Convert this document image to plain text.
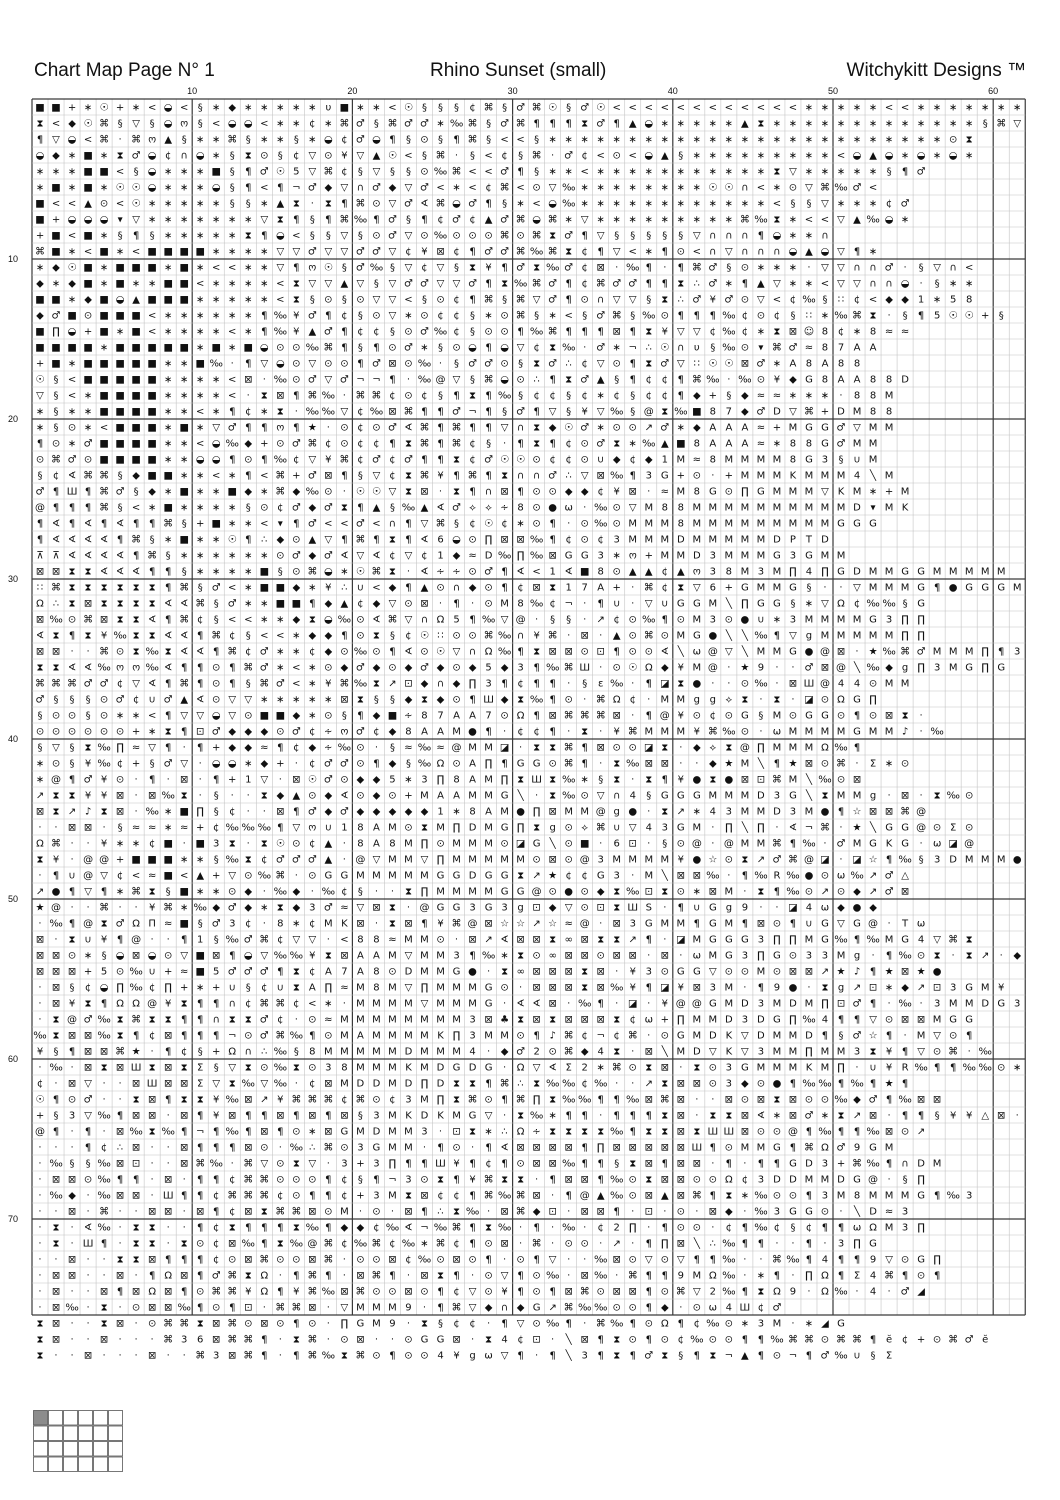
Chart Map Page N° 1	Rhino Sunset (small)	Witchykitt Designs ™
10	20	30	40	50	60
10
20
30
40
50
60
70
■ ■ + ∗ ☉ + ∗ < ◒ < § ∗ ◆ ∗ ∗ ∗ ∗ ∗ υ ■ ∗ ∗ < ☉ § § § ¢ ⌘ § ♂ ⌘ ☉ § ♂ ☉ < < < < < < < < < < < < ∗ ∗ ∗ ∗ ∗ < < ∗ ∗ ∗ ∗ ∗ ∗ ∗
⧗ < ◆ ☉ ⌘ § ▽ § ◒ ო § < ◒ ◒ < ∗ ∗ ¢ ∗ ⌘ ♂ § ⌘ ♂ ♂ ∗ ‰ ⌘ § ♂ ⌘ ¶ ¶ ¶ ⧗ ♂ ¶ ▲ ◒ ∗ ∗ ∗ ∗ ∗ ▲ ⧗ ∗ ∗ ∗ ∗ ∗ ∗ ∗ ∗ ∗ ∗ ∗ ∗ ∗ § ⌘ ▽
¶ ▽ ◒ < ⌘ · ⌘ ო ▲ § ∗ ∗ ⌘ § ∗ ∗ § ∗ ◒ ¢ ♂ ◒ ¶ § ⊙ § ¶ ⌘ § < < § ∗ ∗ ∗ ∗ ∗ ∗ ∗ ∗ ∗ ∗ ∗ ∗ ∗ ∗ ∗ ∗ ∗ ∗ ∗ ∗ ∗ ∗ ∗ ∗ ∗ ⊙ ⧗
◒ ◆ ∗ ■ ∗ ⧗ ♂ ◒ ¢ ∩ ◒ ∗ § ⧗ ⊙ § ¢ ▽ ⊙ ¥ ▽ ▲ ☉ < § ⌘ · § < ¢ § ⌘ · ♂ ¢ < ⊙ < ◒ ▲ § ∗ ∗ ∗ ∗ ∗ ∗ ∗ ∗ ∗ < ◒ ▲ ◒ ∗ ◒ ∗ ◒ ∗
∗ ∗ ∗ ■ ■ < § ◒ ∗ ∗ ∗ ■ § ¶ ♂ ☉ 5 ▽ ⌘ ¢ § ▽ § § ⊙ ‰ ⌘ < < ♂ ¶ § ∗ ∗ < ∗ ∗ ∗ ∗ ∗ ∗ ∗ ∗ ∗ ∗ ∗ ⧗ ▽ ∗ ∗ ∗ ∗ ∗ § ¶ ♂
∗ ■ ∗ ■ ∗ ☉ ☉ ◒ ∗ ∗ ∗ ◒ § ¶ < ¶ ¬ ♂ ◆ ▽ ∩ ♂ ◆ ▽ ♂ < ∗ < ¢ ⌘ < ⊙ ▽ ‰ ∗ ∗ ∗ ∗ ∗ ∗ ∗ ∗ ☉ ☉ ∩ < ∗ ⊙ ▽ ⌘ ‰ ♂ <
■ < < ▲ ⊙ < ☉ ∗ ∗ ∗ ∗ ∗ § § ∗ ▲ ⧗ · ⧗ ¶ ⌘ ⊙ ▽ ♂ ∢ ⌘ ◒ ♂ ¶ § ∗ < ◒ ‰ ∗ ∗ ∗ ∗ ∗ ∗ ∗ ∗ ∗ ∗ ∗ ∗ < § § ▽ ∗ ∗ ∗ ¢ ♂
■ + ◒ ◒ ◒ ▾ ▽ ∗ ∗ ∗ ∗ ∗ ∗ ∗ ▽ ⧗ ¶ § ¶ ⌘ ‰ ¶ ♂ § ¶ ¢ ♂ ¢ ▲ ♂ ⌘ ◒ ⌘ ∗ ▽ ∗ ∗ ∗ ∗ ∗ ∗ ∗ ∗ ∗ ⌘ ‰ ⧗ ∗ < < ▽ ▲ ‰ ◒ ∗
+ ■ < ■ ∗ § ¶ § ∗ ∗ ∗ ∗ ∗ ⧗ ¶ ◒ < § § ▽ § ⊙ ♂ ▽ ⊙ ‰ ⊙ ⊙ ⊙ ⌘ ⊙ ⌘ ⧗ ♂ ¶ ▽ § § § § § ▽ ∩ ∩ ∩ ¶ ◒ ∗ ∗ ∩
⌘ ■ ∗ < ■ ∗ < ■ ■ ■ ■ ∗ ∗ ∗ ∗ ▽ ▽ ♂ ▽ ▽ ♂ ♂ ▽ ¢ ¥ ⊠ ¢ ¶ ♂ ♂ ⌘ ‰ ⌘ ⧗ ¢ ¶ ▽ < ∗ ¶ ⊙ < ∩ ▽ ∩ ∩ ∩ ◒ ▲ ◒ ▽ ¶ ∗
∗ ◆ ☉ ■ ∗ ■ ■ ■ ∗ ■ ∗ < < ∗ ∗ ▽ ¶ ო ☉ § ♂ ‰ § ▽ ¢ ▽ § ⧗ ¥ ¶ ♂ ⧗ ‰ ♂ ¢ ⊠ · ‰ ¶ · ¶ ⌘ ♂ § ⊙ ∗ ∗ ∗ · ▽ ▽ ∩ ∩ ♂ · § ▽ ∩ <
◆ ∗ ◆ ■ ∗ ■ ∗ ∗ ■ ■ < ∗ ∗ ∗ ∗ < ⧗ ▽ ▽ ▲ ▽ § ▽ ♂ ♂ ▽ ▽ ♂ ¶ ⧗ ‰ ⌘ ♂ ¶ ¢ ⌘ ♂ ♂ ¶ ¶ ⧗ ∴ ♂ ∗ ¶ ▲ ▽ ∗ ∗ < ▽ ▽ ∩ ∩ ◒ · § ∗ ∗
■ ■ ∗ ◆ ■ ◒ ▲ ■ ■ ■ ∗ ∗ ∗ ∗ ∗ < ⧗ § ⊙ § ⊙ ▽ ▽ < § ⊙ ¢ ¶ ⌘ § ⌘ ▽ ♂ ¶ ⊙ ∩ ▽ ▽ § ⧗ ∴ ♂ ¥ ♂ ⊙ ▽ < ¢ ‰ § ∷ ¢ < ◆ ◆ 1 ∗ 5 8
◆ ♂ ■ ⊙ ■ ■ ■ < ∗ ∗ ∗ ∗ ∗ ∗ ¶ ‰ ¥ ♂ ¶ ¢ § ⊙ ▽ ∗ ⊙ ¢ ¢ § ∗ ⊙ ⌘ § ∗ < § ♂ ⌘ § ‰ ⊙ ¶ ¶ ¶ ‰ ¢ ⊙ ¢ § ∷ ∗ ‰ ⌘ ⧗ · § ¶ 5 ☉ ☉ + §
■ ∏ ◒ + ■ ∗ ■ < ∗ ∗ ∗ ∗ < ∗ ¶ ‰ ¥ ▲ ♂ ¶ ¢ ¢ § ⊙ ♂ ‰ ¢ § ⊙ ⊙ ¶ ‰ ⌘ ¶ ¶ ¶ ⊠ ¶ ⧗ ¥ ▽ ▽ ¢ ‰ ¢ ∗ ⧗ ⊠ ☺ 8 ¢ ∗ 8 ≈ ≈
■ ■ ■ ■ ∗ ■ ■ ■ ■ ■ ∗ ■ ∗ ■ ◒ ⊙ ⊙ ‰ ⌘ ¶ § ¶ ⊙ ♂ ∗ § ⊙ ◒ ¶ ◒ ▽ ¢ ⧗ ‰ · ♂ ∗ ¬ ∴ ☉ ∩ υ § ‰ ⊙ ▾ ⌘ ♂ ≈ 8 7 A A
+ ■ ∗ ■ ■ ■ ■ ■ ∗ ∗ ■ ‰ · ¶ ▽ ◒ ⊙ ▽ ⊙ ⊙ ¶ ♂ ⊠ ⊙ ‰ · § ♂ ♂ ⊙ § ⧗ ♂ ∴ ¢ ▽ ⊙ ¶ ⧗ ♂ ▽ ∷ ☉ ☉ ⊠ ♂ ∗ A 8 A 8 8
☉ § < ■ ■ ■ ■ ■ ∗ ∗ ∗ ∗ < ⊠ · ‰ ⊙ ♂ ▽ ♂ ¬ ¬ ¶ · ‰ @ ▽ § ⌘ ◒ ⊙ ∴ ¶ ⧗ ♂ ▲ § ¶ ¢ ¢ ¶ ⌘ ‰ · ‰ ⊙ ¥ ◆ G 8 A A 8 8 D
▽ § < ∗ ■ ■ ■ ■ ∗ ∗ ∗ ∗ < · ⧗ ⊠ ¶ ⌘ ‰ · ⌘ ⌘ ¢ ⊙ ¢ § ¶ ⧗ ¶ ‰ § ¢ ¢ § ¢ ∗ ¢ § ¢ ¢ ¶ ◆ + § ◆ ≈ ≈ ∗ ∗ ∗ · 8 8 M
∗ § ∗ ∗ ■ ■ ■ ■ ∗ ∗ < ∗ ¶ ¢ ∗ ⧗ · ‰ ‰ ▽ ¢ ‰ ⊠ ⌘ ¶ ¶ ♂ ¬ ¶ § ♂ ¶ ▽ § ¥ ▽ ‰ § @ ⧗ ‰ ■ 8 7 ◆ ♂ D ▽ ⌘ + D M 8 8
∗ § ⊙ ∗ < ■ ■ ■ ∗ ■ ∗ ▽ ♂ ¶ ¶ ო ¶ ★ · ⊙ ¢ ⊙ ♂ ∢ ⌘ ¶ ⌘ ¶ ¶ ▽ ∩ ⧗ ◆ ☉ ♂ ∗ ⊙ ⊙ ↗ ♂ ∗ ◆ A A A ≈ + M G G ♂ ▽ M M
¶ ⊙ ∗ ♂ ■ ■ ■ ■ ∗ ∗ < ◒ ‰ ◆ + ⊙ ♂ ⌘ ¢ ⊙ ¢ ¢ ¶ ⧗ ⌘ ¶ ⌘ ¢ § · ¶ ⧗ ¶ ¢ ⊙ ♂ ⧗ ∗ ‰ ▲ ■ 8 A A A ≈ ∗ 8 8 G ♂ M M
⊙ ⌘ ♂ ⊙ ■ ■ ■ ■ ∗ ∗ ◒ ◒ ¶ ⊙ ¶ ‰ ¢ ▽ ¥ ⌘ ¢ ♂ ¢ ♂ ¶ ¶ ⧗ ¢ ♂ ☉ ☉ ⊙ ¢ ¢ ⊙ ∪ ◆ ¢ ◆ 1 M ≈ 8 M M M M 8 G 3 § ∪ M
§ ¢ ∢ ⌘ ⌘ § ◆ ■ ■ ∗ ∗ < ∗ ¶ < ⌘ + ♂ ⊠ ¶ § ▽ ¢ ⧗ ⌘ ¥ ¶ ⌘ ¶ ⧗ ∩ ∩ ♂ ∴ ▽ ⊠ ‰ ¶ 3 G + ⊙ · + M M M K M M M 4 ╲ M
♂ ¶ Ш ¶ ⌘ ♂ § ◆ ∗ ■ ∗ ∗ ■ ◆ ∗ ⌘ ◆ ‰ ⊙ · ☉ ☉ ▽ ⧗ ⊠ · ⧗ ¶ ∩ ⊠ ¶ ⊙ ⊙ ◆ ◆ ¢ ¥ ⊠ · ≈ M 8 G ⊙ ∏ G M M M ▽ K M ∗ + M
@ ¶ ¶ ¶ ⌘ § < ∗ ■ ∗ ∗ ∗ ∗ § ⊙ ¢ ♂ ◆ ♂ ⧗ ¶ ▲ § ‰ ▲ ∢ ♂ ⟡ ⟡ ∻ 8 ⊙ ● ω · ‰ ⊙ ▽ M 8 8 M M M M M M M M M M D ▾ M K
¶ ∢ ¶ ∢ ¶ ∢ ¶ ¶ ⌘ § + ■ ∗ ∗ < ▾ ¶ ♂ < < ♂ < ∩ ¶ ▽ ⌘ § ¢ ☉ ¢ ∗ ⊙ ¶ · ⊙ ‰ ⊙ M M M 8 M M M M M M M M M G G G
¶ ∢ ∢ ∢ ∢ ¶ ⌘ § ∗ ■ ∗ ∗ ☉ ¶ ∴ ◆ ⊙ ▲ ▽ ¶ ⌘ ¶ ⧗ ¶ ∢ 6 ◒ ⊙ ∏ ⊠ ⊠ ‰ ¶ ¢ ⊙ ¢ 3 M M M D M M M M M D P T D
⊼ ⊼ ∢ ∢ ∢ ∢ ¶ ⌘ § ∗ ∗ ∗ ∗ ∗ ∗ ⊙ ♂ ◆ ♂ ∢ ▽ ∢ ¢ ▽ ¢ 1 ◆ ≈ D ‰ ∏ ‰ ⊠ G G 3 ∗ ო + M M D 3 M M M G 3 G M M
⊠ ⊠ ⧗ ⧗ ∢ ∢ ∢ ¶ ¶ § ∗ ∗ ∗ ∗ ■ § ⊙ ⌘ ◒ ∗ ☉ ⌘ ⧗ · ∢ ∻ ∻ ⊙ ♂ ¶ ∢ < 1 ∢ ■ 8 ⊙ ▲ ▲ ¢ ▲ ო 3 8 M 3 M ∏ 4 ∏ G D M M G G M M M M M
∷ ⌘ ⧗ ⧗ ⧗ ⧗ ⧗ ⧗ ¶ ⌘ § ♂ < ∗ ■ ■ ◆ ∗ ¥ ∴ ∪ < ◆ ¶ ▲ ⊙ ∩ ◆ ⊙ ¶ ¢ ⊠ ⧗ 1 7 A + · ⌘ ¢ ⧗ ▽ 6 + G M M G § · · ▽ M M M G ¶ ● G G G M
Ω ∴ ⧗ ⊠ ⧗ ⧗ ⧗ ⧗ ∢ ∢ ⌘ § ♂ ∗ ∗ ■ ■ ¶ ◆ ▲ ¢ ◆ ▽ ⊙ ⊠ · ¶ · ⊙ M 8 ‰ ¢ ¬ · ¶ ∪ · ▽ ∪ G G M ╲ ∏ G G § ∗ ▽ Ω ¢ ‰ ‰ § G
⊠ ‰ ⊙ ⌘ ⊠ ⧗ ⧗ ∢ ¶ ⌘ ¢ § < < ∗ ∗ ◆ ⧗ ◒ ‰ ⊙ ∢ ⌘ ▽ ∩ Ω 5 ¶ ‰ ▽ @ · § § · ↗ ¢ ⊙ ‰ ¶ ⊙ M 3 ⊙ ● ∪ ∗ 3 M M M M G 3 ∏ ∏
∢ ⧗ ¶ ⧗ ¥ ‰ ⧗ ⧗ ∢ ∢ ¶ ⌘ ¢ § < < ∗ ◆ ◆ ¶ ⊙ ⧗ § ¢ ☉ ∷ ⊙ ⊙ ⌘ ‰ ∩ ¥ ⌘ · ⊠ · ▲ ⊙ ⌘ ⊙ M G ● ╲ ╲ ‰ ¶ ▽ g M M M M M ∏ ∏
⊠ ⊠ · · ⌘ ⊙ ⧗ ‰ ⧗ ∢ ∢ ¶ ⌘ ¢ ♂ ∗ ∗ ¢ ◆ ⊙ ‰ ⊙ ¶ ∢ ⊙ ☉ ▽ ∩ Ω ‰ ¶ ⧗ ⊠ ⊠ ⊙ ⊡ ¶ ⊙ ⊙ ∢ ╲ ω @ ▽ ╲ M M G ● @ ⊠ · ★ ‰ ⌘ ♂ M M M ∏ ¶ 3
⧗ ⧗ ∢ ∢ ‰ ო ო ‰ ∢ ¶ ¶ ⊙ ¶ ⌘ ♂ ∗ < ∗ ⊙ ◆ ♂ ◆ ⊙ ◆ ♂ ◆ ⊙ ◆ 5 ◆ 3 ¶ ‰ ⌘ Ш · ⊙ ☉ Ω ◆ ¥ M @ · ★ 9 · · ♂ ⊠ @ ╲ ‰ ◆ g ∏ 3 M G ∏ G
⌘ ⌘ ⌘ ♂ ♂ ¢ ▽ ∢ ¶ ⌘ ¶ ⊙ ¶ § ⌘ ♂ < ∗ ¥ ⌘ ‰ ⧗ ↗ ⊡ ◆ ∩ ◆ ∏ 3 ¶ ¢ ¶ ¶ · § ε ‰ · ¶ ◪ ⧗ ● · · ⊙ ‰ · ⊠ Ш @ 4 4 ⊙ M M
♂ § § § ⊙ ♂ ¢ ∪ ♂ ▲ ∢ ⊙ ▽ ▽ ∗ ∗ ∗ ∗ ∗ ⊠ ⧗ § § ◆ ⧗ ◆ ⊙ ¶ Ш ◆ ⧗ ‰ ¶ ⊙ · ⌘ Ω ¢ · M M g g ⟡ ⧗ · ⧗ · ◪ ⊙ Ω G ∏
§ ⊙ ⊙ § ⊙ ∗ ∗ < ¶ ▽ ▽ ◒ ▽ ⊙ ■ ■ ◆ ∗ ⊙ § ¶ ◆ ■ ∻ 8 7 A A 7 ⊙ Ω ¶ ⊠ ⌘ ⌘ ⌘ ⊠ · ¶ @ ¥ ⊙ ¢ ⊙ G § M ⊙ G G ⊙ ¶ ⊙ ⊠ ⧗ ·
⊙ ⊙ ⊙ ⊙ ⊙ ⊙ + ∗ ⧗ ¶ ⊡ ♂ ◆ ◆ ◆ ⊙ ♂ ¢ ∻ ო ♂ ¢ ◆ 8 A A M ● ¶ · ¢ ¢ ¶ · ⧗ · ¥ ⌘ M M M ¥ ⌘ ‰ ⊙ · ω M M M M G M M ♪ · ‰
§ ▽ § ⧗ ‰ ∏ ≈ ▽ ¶ · ¶ + ◆ ◆ ≈ ¶ ¢ ◆ ∻ ‰ ⊙ · § ≈ ‰ ≈ @ M M ◪ · ⧗ ⧗ ⌘ ¶ ⊠ ⊙ ⊙ ◪ ⧗ · ◆ ⟡ ⧗ @ ∏ M M M Ω ‰ ¶
∗ ⊙ § ¥ ‰ ¢ + § ♂ ▽ · ◒ ◒ ∗ ◆ + · ¢ ♂ ♂ ⊙ ¶ ◆ § ‰ Ω ⊙ A ∏ ¶ G G ⊙ ⌘ ¶ · ⧗ ‰ ⊠ ⊠ · · ◆ ★ M ╲ ¶ ★ ⊠ ⊙ ⌘ · Σ ∗ ⊙
∗ @ ¶ ♂ ¥ ⊙ · ¶ · ⊠ · ¶ + 1 ▽ · ⊠ ☉ ♂ ⊙ ◆ ◆ 5 ∗ 3 ∏ 8 A M ∏ ⧗ Ш ⧗ ‰ ∗ § ⧗ · ⧗ ¶ ¥ ● ⧗ ● ⊠ ⊡ ⌘ M ╲ ‰ ⊙ ⊠
↗ ⧗ ⧗ ¥ ¥ ⊠ · ⊠ ‰ ⧗ · § · · ⧗ ◆ ▲ ⊙ ◆ ∢ ⊙ ◆ ⊙ + M A A M M G ╲ · ⧗ ‰ ⊙ ▽ ∩ 4 § G G G M M M D 3 G ╲ ⧗ M M g · ⊠ · ⧗ ‰ ⊙
⊠ ⧗ ↗ ♪ ⧗ ⊠ · ‰ ∗ ■ ∏ § ¢ · · ⊠ ¶ ♂ ◆ ♂ ◆ ◆ ◆ ◆ ◆ 1 ∗ 8 A M ● ∏ ⊠ M M @ g ● · ⧗ ↗ ∗ 4 3 M M D 3 M ● ¶ ☆ ⊠ ⊠ ⌘ @
· · ⊠ ⊠ · § ≈ ≈ ∗ ≈ + ¢ ‰ ‰ ‰ ¶ ▽ ო ∪ 1 8 A M ⊙ ⧗ M ∏ D M G ∏ ⧗ g ⊙ ⟡ ⌘ ∪ ▽ 4 3 G M · ∏ ╲ ∏ · ∢ ¬ ⌘ · ★ ╲ G G @ ⊙ Σ ⊙
Ω ⌘ · · ¥ ∗ ∗ ¢ ■ · ■ 3 ⧗ · ⧗ ☉ ⊙ ¢ ▲ · 8 A 8 M ∏ ⊙ M M M ⊙ ◪ G ╲ ⊙ ■ · 6 ⊡ · § ⊙ @ · @ M M ⌘ ¶ ‰ · ♂ M G K G · ω ◪ @
⧗ ¥ · @ @ + ■ ■ ■ ∗ ∗ § ‰ ⧗ ¢ ♂ ♂ ♂ ▲ · @ ▽ M M ▽ ∏ M M M M M ⊙ ⊠ ⊙ @ 3 M M M M ¥ ● ☆ ⊙ ⧗ ↗ ♂ ⌘ @ ◪ · ◪ ☆ ¶ ‰ § 3 D M M M ●
· ¶ ∪ @ ▽ ¢ < ≈ ■ < ▲ + ▽ ⊙ ‰ ⌘ · ⊙ G G M M M M M G G D G G ⧗ ↗ ★ ¢ ¢ G 3 · M ╲ ⊠ ⊠ ‰ · ¶ ‰ R ‰ ● ⊙ ω ‰ ↗ ♂ △
↗ ● ¶ ▽ ¶ ∗ ⌘ ⧗ § ■ ∗ ∗ ⊙ ◆ · ‰ ◆ · ‰ ¢ § · · ⧗ ∏ M M M M G G @ ⊙ ● ⊙ ◆ ⧗ ‰ ⊡ ⧗ ⊙ ∗ ⊠ M · ⧗ ¶ ‰ ⊙ ↗ ⊙ ◆ ↗ ♂ ⊠
★ @ · · ⌘ · · ¥ ⌘ ∗ ‰ ◆ ♂ ◆ ∗ ⧗ ◆ 3 ♂ ≈ ▽ ⊠ ⧗ · @ G G 3 G 3 g ⊡ ◆ ▽ ⊙ ⊡ ⧗ Ш S · ¶ ∪ G g 9 · · ◪ 4 ω ◆ ● ◆
· ‰ ¶ @ ⧗ ♂ Ω Π ≈ ■ § ♂ 3 ¢ · 8 ∗ ¢ M K ⊠ · ⧗ ⊠ ¶ ¥ ⌘ @ ⊠ ☆ ☆ ↗ ☆ ≈ @ · ⊠ 3 G M M ¶ G M ¶ ⊠ ⊙ ¶ ∪ G ▽ G @ · T ω
⊠ · ⧗ ∪ ¥ ¶ @ · · ¶ 1 § ‰ ♂ ⌘ ¢ ▽ ▽ · < 8 8 ≈ M M ⊙ · ⊠ ↗ ∢ ⊠ ⊠ ⧗ ∞ ⊠ ⧗ ⧗ ↗ ¶ · ◪ M G G G 3 ∏ ∏ M G ‰ ¶ ‰ M G 4 ▽ ⌘ ⧗
⊠ ⊠ ⊙ ∗ § ◒ ⊠ ◒ ⊙ ▽ ■ ⊠ ¶ ◒ ▽ ‰ ‰ ¥ ⧗ ⊠ A A M ▽ M M 3 ¶ ‰ ∗ ⧗ ⊙ ∞ ⊠ ⊠ ⊙ ⊠ ⊠ · ⊠ · ω M G 3 ∏ G ⊙ 3 3 M g · ¶ ‰ ⊙ ⧗ · ⧗ ↗ · ◆
⊠ ⊠ ⊠ + 5 ⊙ ‰ ∪ + ≈ ■ 5 ♂ ♂ ♂ ¶ ⧗ ¢ A 7 A 8 ⊙ D M M G ● · ⧗ ∞ ⊠ ⊠ ⊠ ⧗ ⊠ · ¥ 3 ⊙ G G ▽ ⊙ ⊙ M ⊙ ⊠ ⊠ ↗ ★ ♪ ¶ ★ ⊠ ★ ●
· ⊠ § ¢ ◒ ∏ ‰ ¢ ∏ + ∗ + ∪ § ¢ ∪ ⧗ A ∏ ≈ M 8 M ▽ ∏ M M M G ⊙ · ⊠ ⊠ ⊠ ⧗ ⊠ ‰ ¥ ¶ ◪ ¥ ⊠ 3 M · ¶ 9 ● · ⧗ g ↗ ⊡ ∗ ◆ ↗ ⊡ 3 G M ¥
· ⊠ ¥ ⧗ ¶ Ω Ω @ ¥ ⧗ ¶ ¶ ∩ ¢ ⌘ ⌘ ¢ < ∗ · M M M M ▽ M M M G · ∢ ∢ ⊠ · ‰ ¶ · ◪ · ¥ @ @ G M D 3 M D M ∏ ⊡ ♂ ¶ · ‰ · 3 M M D G 3
· ⧗ @ ♂ ‰ ⧗ ⌘ ⧗ ⧗ ¶ ¶ ∩ ⧗ ⧗ ♂ ¢ · ⊙ ≈ M M M M M M M M 3 ⊠ ♣ ⧗ ⊠ ⧗ ⊠ ⊠ ⊠ ⧗ ¢ ω + ∏ M M D 3 D G ∏ ‰ 4 ¶ ¶ ▽ ⊙ ⊠ ⊠ M G G
‰ ⧗ ⊠ ⊠ ‰ ⧗ ¶ ¢ ⊠ ¶ ¶ ¶ ¬ ⊙ ♂ ⌘ ‰ ¶ ⊙ M A M M M M K ∏ 3 M M ⊙ ¶ ♪ ⌘ ¢ ¬ ¢ ⌘ · ⊙ G M D K ▽ D M M D ¶ § ♂ ☆ ¶ · M ▽ ⊙ ¶
¥ § ¶ ⊠ ⊠ ⌘ ★ · ¶ ¢ § + Ω ∩ ∴ ‰ § 8 M M M M M D M M M 4 · ◆ ♂ 2 ⊙ ⌘ ◆ 4 ⧗ · ⊠ ╲ M D ▽ K ▽ 3 M M ∏ M M 3 ⧗ ¥ ¶ ▽ ⊙ ⌘ · ‰
· ‰ · ⊠ ⧗ ⊠ Ш ⧗ ⊠ ⧗ Σ § ▽ ⧗ ⊙ ‰ ⧗ ⊙ 3 8 M M M K M D G D G · Ω ▽ ∢ Σ 2 ∗ ⌘ ⊙ ⧗ ⊠ · ⧗ ⊙ 3 G M M M K M ∏ · ∪ ¥ R ‰ ¶ ¶ ‰ ‰ ⊙ ∗
¢ · ⊠ ▽ · · ⊠ Ш ⊠ ⊠ Σ ▽ ⧗ ‰ ▽ ‰ · ¢ ⊠ M D D M D ∏ D ⧗ ⧗ ¶ ⌘ ∴ ⧗ ‰ ‰ ¢ ‰ · · ↗ ⧗ ⊠ ⊠ ⊙ 3 ◆ ⊙ ● ¶ ‰ ‰ ¶ ‰ ¶ ★ ¶
☉ ¶ ⊙ ♂ · · ⧗ ⊠ ¶ ⧗ ⧗ ¥ ‰ ⊠ ↗ ¥ ⌘ ⌘ ⌘ ¢ ⌘ ⊙ ¢ 3 M ∏ ⧗ ⌘ ⊙ ¶ ⌘ ∏ ⧗ ‰ ‰ ¶ ¶ ‰ ⊠ ⌘ ⊠ · · ⊠ ⊙ ⊠ ⧗ ⊠ ⊙ ⊙ ‰ ◆ ♂ ¶ ‰ ⊠ ⊠
+ § 3 ▽ ‰ ¶ ⊠ ⊠ · ⊠ ¶ ¥ ⊠ ¶ ¶ ⊠ ¶ ⊠ ¶ ⊠ § 3 M K D K M G ▽ · ⧗ ‰ ∗ ¶ ¶ · ¶ ¶ ¶ ⧗ ⊠ · ⧗ ⧗ ⊠ ∢ ∗ ⊠ ♂ ∗ ⧗ ↗ ⊠ · ¶ ¶ § ¥ ¥ △ ⊠ ·
@ ¶ · ¶ · ⊠ ‰ ⧗ ‰ ¶ ¬ ¶ ‰ ¶ ⊠ ¶ ⊙ ∗ ⊠ G M D M M 3 · ⊡ ⧗ ∗ ∴ Ω ∻ ⧗ ⧗ ⧗ ⧗ ‰ ¶ ⧗ ⧗ ⊠ ⧗ Ш Ш ⊠ ⊙ ⊙ @ ¶ ‰ ¶ ¶ ‰ ⊠ ⊙ ↗
· · · ¶ ¢ ∴ ⊠ · · ⊠ ¶ ¶ ¶ ⊠ ⊙ · ‰ ∴ ⌘ ⊙ 3 G M M · ¶ ⊙ · ¶ ∢ ⊠ ⊠ ⊠ ⊠ ¶ ∏ ⊠ ⊠ ⊠ ⊠ ⊠ Ш ¶ ⊙ M M G ¶ ⌘ Ω ♂ 9 G M
· ‰ § § ‰ ⊠ ⊡ · · ⊠ ⌘ ‰ · ⌘ ▽ ⊙ ⧗ ▽ · 3 + 3 ∏ ¶ ¶ Ш ¥ ¶ ¢ ¶ ⊙ ⊠ ⊠ ‰ ¶ ¶ § ⧗ ⊠ ¶ ⊠ ⊠ · ¶ · ¶ ¶ G D 3 + ⌘ ‰ ¶ ∩ D M
· ⊠ ⊠ ⊙ ‰ ¶ ¶ · ⊠ · ¶ ¶ ¢ ⌘ ⌘ ⊙ ⊙ ⊙ ¶ ¢ § ¶ ¬ 3 ⊙ ⧗ ¶ ¥ ⌘ ⧗ ⧗ · ¶ ⊠ ⊠ ¶ ‰ ⊙ ⧗ ⊠ ⊠ ⊙ ⊙ Ω ¢ 3 D D M M D G @ · § ∏
· ‰ ◆ · ‰ ⊠ ⊠ · Ш ¶ ¶ ¢ ⌘ ⌘ ⌘ ¢ ⊙ ¶ ¶ ¢ + 3 M ⧗ ⊠ ¢ ¢ ¶ ⌘ ‰ ⌘ ⊠ · ¶ @ ▲ ‰ ⊙ ⊠ ▲ ⊠ ⌘ ¶ ⧗ ∗ ‰ ⊙ ⊙ ¶ 3 M 8 M M M G ¶ ‰ 3
· · ⊠ · ⌘ · · ⊠ ⊠ · ⊠ ¶ ¢ ⊠ ⧗ ⌘ ⌘ ⊠ ⊙ M · ⊙ · ⊠ ¶ ∴ ⧗ ‰ · ⊠ ⌘ ◆ ⊡ · ⊠ ⊠ ¶ · ⊡ · ⊙ · ⊠ ◆ · ‰ 3 G G ⊙ · ╲ D ≈ 3
· ⧗ · ∢ ‰ · ⧗ ⧗ · · ¶ ¢ ⧗ ¶ ¶ ¶ ⧗ ‰ ¶ ◆ ◆ ¢ ‰ ∢ ¬ ‰ ⌘ ¶ ⧗ ‰ · ¶ · ‰ · ¢ 2 ∏ · ¶ ⊙ ⊙ · ¢ ¶ ‰ ¢ § ¢ ¶ ¶ ω Ω M 3 ∏
· ⧗ · Ш ¶ · ⧗ ⧗ · ⧗ ⊙ ¢ ⊠ ‰ ¶ ⧗ ‰ @ ⌘ ¢ ‰ ⌘ ¢ ‰ ∗ ⌘ ¢ ¶ ⊙ ⊠ · ⌘ · ⊙ ⊙ · ↗ · ¶ ∏ ⊠ ╲ ∴ ‰ ¶ ¶ · · ¶ · 3 ∏ G
· · ⊠ · · ⧗ ⧗ ⊠ ¶ ¶ ¶ ¢ ⊙ ⊠ ⌘ ⊙ ⊙ ⊠ ⌘ · ⊙ ⊙ ⊠ ¢ ‰ ⊙ ⊠ ⊙ ¶ · ⊙ ¶ ▽ · · ‰ ⊠ ⊙ ▽ ⊙ ▽ ¶ ¶ ‰ · · ⌘ ‰ ¶ 4 ¶ ¶ 9 ▽ ⊙ G ∏
· ⊠ ⊠ · · ⊠ · ¶ Ω ⊠ ¶ ♂ ⌘ ⧗ Ω · ¶ ⌘ ¶ · ⊠ ⌘ ¶ · ⊠ ⧗ ¶ · ⊙ ▽ ¶ ⊙ ‰ · ⊠ ‰ · ⌘ ¶ ¶ 9 M Ω ‰ · ∗ ¶ · ∏ Ω ¶ Σ 4 ⌘ ¶ ⊙ ¶
· ⊠ · · ⊠ ¶ ⊠ Ω ⊠ ¶ ⊙ ⌘ ⌘ ¥ Ω ¶ ¥ ⌘ ‰ ⊠ ⌘ ⊙ ⊙ ⊠ ⊙ ¶ ¢ ▽ ⊙ ¥ ¶ ⊙ ¶ ⊠ ⌘ ⊙ ⊠ ⊠ ¶ ⊙ ⌘ ▽ 2 ‰ ¶ ⧗ Ω 9 · Ω ‰ · 4 · ♂ ◢
· ⊠ ‰ · ⧗ · ⊙ ⊠ ⊠ ‰ ¶ ⊙ ¶ ⊡ · ⌘ ⌘ ⊠ · ▽ M M M 9 · ¶ ⌘ ▽ ◆ ∩ ◆ G ↗ ⌘ ‰ ‰ ⊙ ⊙ ¶ ◆ · ⊙ ω 4 Ш ¢ ♂
⧗ ⊠ · · ⧗ ⊠ · ⊙ ⌘ ⌘ ⧗ ⊠ ⌘ ⊙ ⊠ ⊙ ¶ ⊙ · ∏ G M 9 · ⧗ § ¢ ¢ · ¶ ▽ ⊙ ‰ ¶ · ⌘ ‰ ¶ ⊙ Ω ¶ ¢ ‰ ⊙ ∗ 3 M · ∗ ◢ G
⧗ ⊠ · · ⊠ · · · ⌘ 3 6 ⊠ ⌘ ⌘ ¶ · ⧗ ⌘ · ⊙ ⊠ · · ⊙ G G ⊠ · ⧗ 4 ¢ ⊡ · ╲ ⊠ ¶ ⧗ ⊙ ¶ ⊙ ¢ ‰ ⊙ ⊙ ¶ ¶ ‰ ⌘ ⌘ ⊙ ⌘ ⌘ ¶ ĕ ¢ + ⊙ ⌘ ♂ ĕ
⧗ · · ⊠ · · · ⊠ · · ⌘ 3 ⊠ ⌘ ¶ · ¶ ⌘ ‰ ⧗ ⌘ ⊙ ¶ ⊙ ⊙ 4 ¥ g ω ▽ ¶ · ¶ ╲ 3 ¶ ⧗ ¶ ♂ ⧗ § ¶ ⧗ ¬ ▲ ¶ ⊙ ¬ ¶ ♂ ‰ ∪ § Σ
